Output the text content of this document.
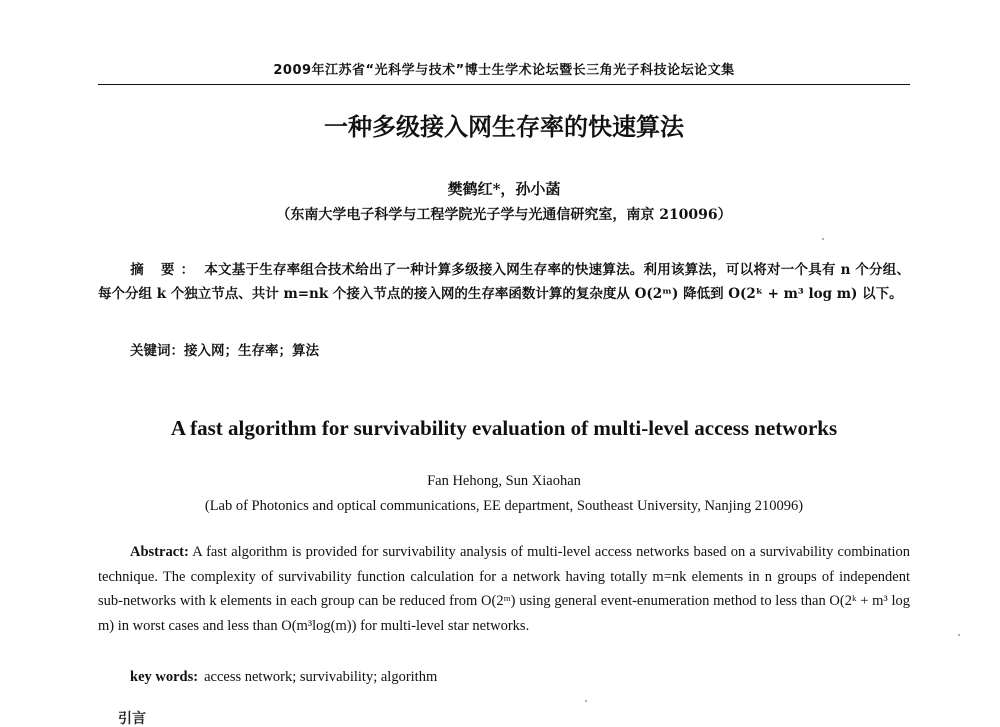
2009年江苏省“光科学与技术”博士生学术论坛暨长三角光子科技论坛论文集
一种多级接入网生存率的快速算法
樊鹤红*，孙小菡
（东南大学电子科学与工程学院光子学与光通信研究室，南京 210096）
摘 要： 本文基于生存率组合技术给出了一种计算多级接入网生存率的快速算法。利用该算法，可以将对一个具有 n 个分组、每个分组 k 个独立节点、共计 m=nk 个接入节点的接入网的生存率函数计算的复杂度从 O(2ᵐ) 降低到 O(2ᵏ + m³ log m) 以下。
关键词：接入网；生存率；算法
A fast algorithm for survivability evaluation of multi-level access networks
Fan Hehong, Sun Xiaohan
(Lab of Photonics and optical communications, EE department, Southeast University, Nanjing 210096)
Abstract: A fast algorithm is provided for survivability analysis of multi-level access networks based on a survivability combination technique. The complexity of survivability function calculation for a network having totally m=nk elements in n groups of independent sub-networks with k elements in each group can be reduced from O(2ᵐ) using general event-enumeration method to less than O(2ᵏ + m³ log m) in worst cases and less than O(m³log(m)) for multi-level star networks.
key words: access network; survivability; algorithm
引言
